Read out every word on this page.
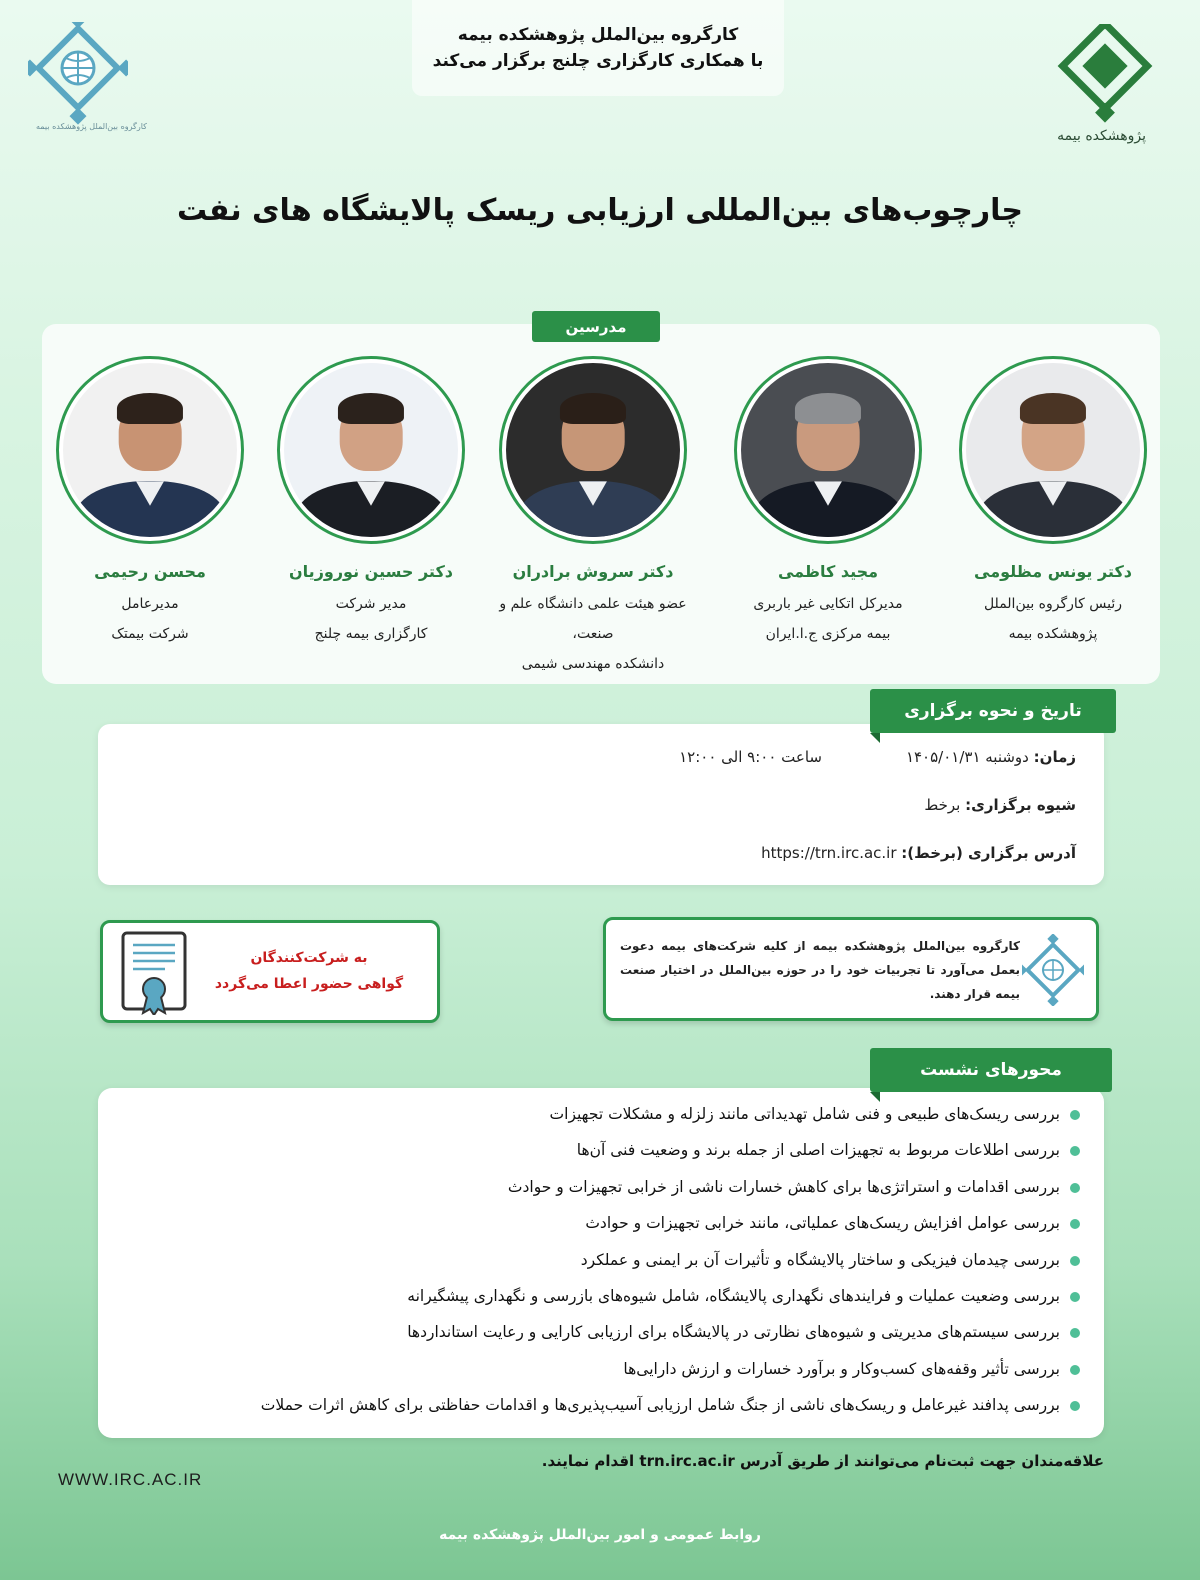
کارگروه بین‌الملل پژوهشکده بیمه
با همکاری کارگزاری چلنج برگزار می‌کند
پژوهشکده بیمه
کارگروه بین‌الملل پژوهشکده بیمه
چارچوب‌های بین‌المللی ارزیابی ریسک پالایشگاه های نفت
مدرسین
دکتر یونس مظلومی
رئیس کارگروه بین‌الملل
پژوهشکده بیمه
مجید کاظمی
مدیرکل اتکایی غیر باربری
بیمه مرکزی ج.ا.ایران
دکتر سروش برادران
عضو هیئت علمی دانشگاه علم و صنعت،
دانشکده مهندسی شیمی
دکتر حسین نوروزیان
مدیر شرکت
کارگزاری بیمه چلنج
محسن رحیمی
مدیرعامل
شرکت بیمتک
زمان: دوشنبه ۱۴۰۵/۰۱/۳۱
ساعت ۹:۰۰ الی ۱۲:۰۰
شیوه برگزاری: برخط
آدرس برگزاری (برخط): https://trn.irc.ac.ir
تاریخ و نحوه برگزاری
به شرکت‌کنندگان
گواهی حضور اعطا می‌گردد
کارگروه بین‌الملل پژوهشکده بیمه از کلیه شرکت‌های بیمه دعوت بعمل می‌آورد تا تجربیات خود را در حوزه بین‌الملل در اختیار صنعت بیمه قرار دهند.
بررسی ریسک‌های طبیعی و فنی شامل تهدیداتی مانند زلزله و مشکلات تجهیزات
بررسی اطلاعات مربوط به تجهیزات اصلی از جمله برند و وضعیت فنی آن‌ها
بررسی اقدامات و استراتژی‌ها برای کاهش خسارات ناشی از خرابی تجهیزات و حوادث
بررسی عوامل افزایش ریسک‌های عملیاتی، مانند خرابی تجهیزات و حوادث
بررسی چیدمان فیزیکی و ساختار پالایشگاه و تأثیرات آن بر ایمنی و عملکرد
بررسی وضعیت عملیات و فرایندهای نگهداری پالایشگاه، شامل شیوه‌های بازرسی و نگهداری پیشگیرانه
بررسی سیستم‌های مدیریتی و شیوه‌های نظارتی در پالایشگاه برای ارزیابی کارایی و رعایت استانداردها
بررسی تأثیر وقفه‌های کسب‌وکار و برآورد خسارات و ارزش دارایی‌ها
بررسی پدافند غیرعامل و ریسک‌های ناشی از جنگ شامل ارزیابی آسیب‌پذیری‌ها و اقدامات حفاظتی برای کاهش اثرات حملات
محورهای نشست
علاقه‌مندان جهت ثبت‌نام می‌توانند از طریق آدرس trn.irc.ac.ir اقدام نمایند.
WWW.IRC.AC.IR
روابط عمومی و امور بین‌الملل پژوهشکده بیمه
